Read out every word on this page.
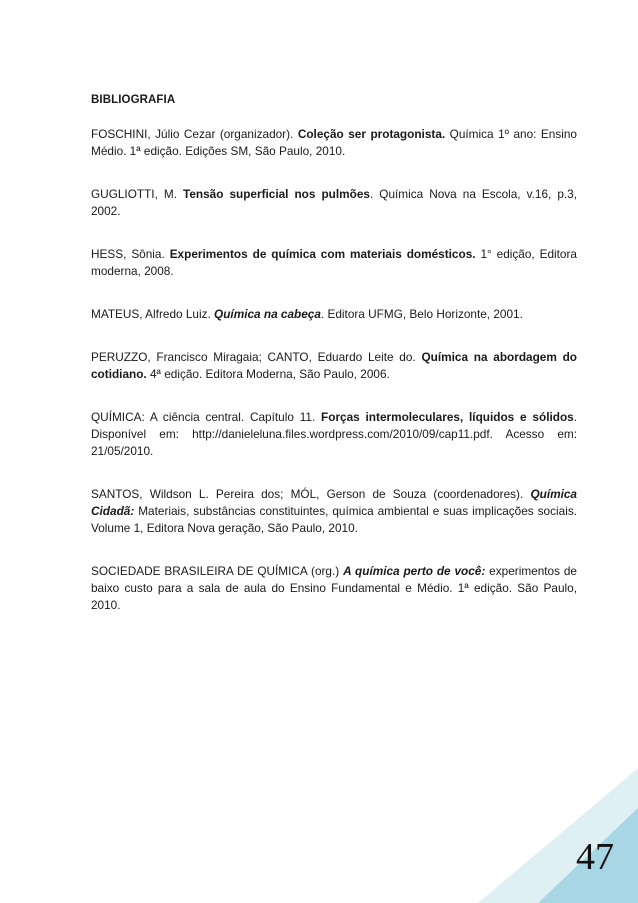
BIBLIOGRAFIA

FOSCHINI, Júlio Cezar (organizador). Coleção ser protagonista. Química 1º ano: Ensino Médio. 1ª edição. Edições SM, São Paulo, 2010.

GUGLIOTTI, M. Tensão superficial nos pulmões. Química Nova na Escola, v.16, p.3, 2002.

HESS, Sônia. Experimentos de química com materiais domésticos. 1° edição, Editora moderna, 2008.

MATEUS, Alfredo Luiz. Química na cabeça. Editora UFMG, Belo Horizonte, 2001.

PERUZZO, Francisco Miragaia; CANTO, Eduardo Leite do. Química na abordagem do cotidiano. 4ª edição. Editora Moderna, São Paulo, 2006.

QUÍMICA: A ciência central. Capítulo 11. Forças intermoleculares, líquidos e sólidos. Disponível em: http://danieleluna.files.wordpress.com/2010/09/cap11.pdf. Acesso em: 21/05/2010.

SANTOS, Wildson L. Pereira dos; MÓL, Gerson de Souza (coordenadores). Química Cidadã: Materiais, substâncias constituintes, química ambiental e suas implicações sociais. Volume 1, Editora Nova geração, São Paulo, 2010.

SOCIEDADE BRASILEIRA DE QUÍMICA (org.) A química perto de você: experimentos de baixo custo para a sala de aula do Ensino Fundamental e Médio. 1ª edição. São Paulo, 2010.

47
